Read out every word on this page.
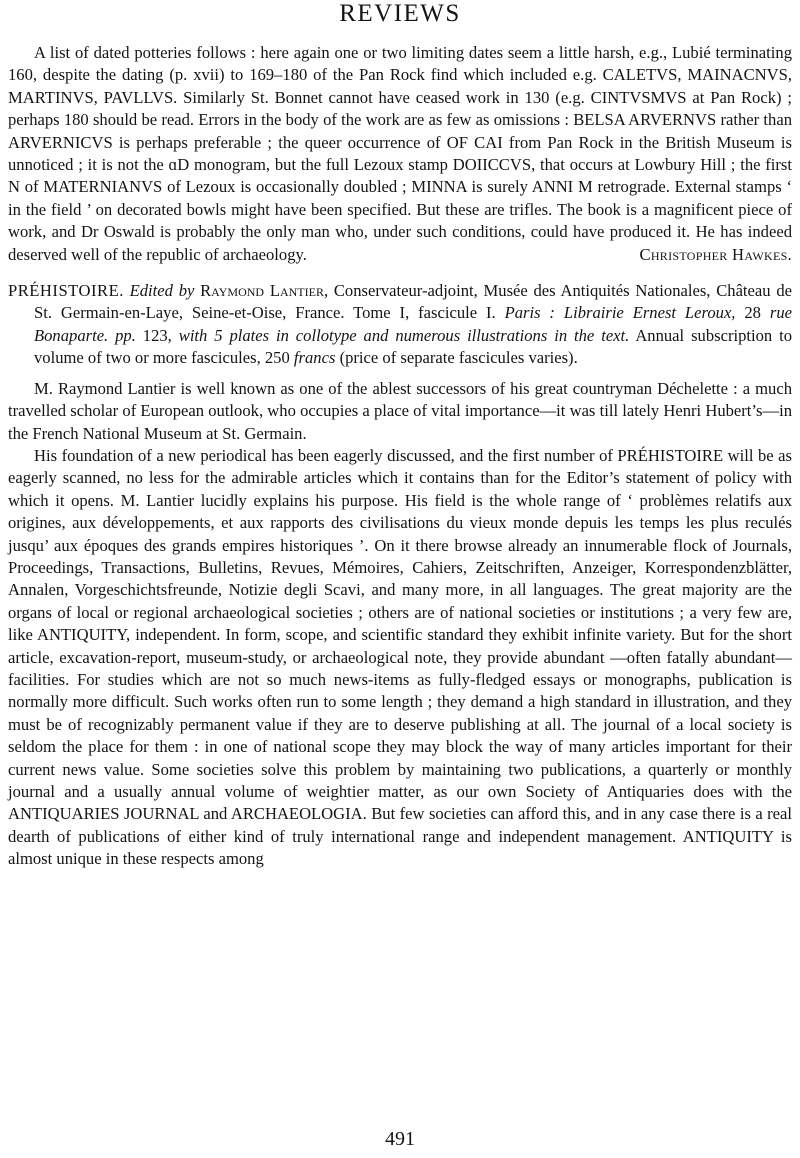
REVIEWS

A list of dated potteries follows : here again one or two limiting dates seem a little harsh, e.g., Lubié terminating 160, despite the dating (p. xvii) to 169–180 of the Pan Rock find which included e.g. CALETVS, MAINACNVS, MARTINVS, PAVLLVS. Similarly St. Bonnet cannot have ceased work in 130 (e.g. CINTVSMVS at Pan Rock) ; perhaps 180 should be read. Errors in the body of the work are as few as omissions : BELSA ARVERNVS rather than ARVERNICVS is perhaps preferable ; the queer occurrence of OF CAI from Pan Rock in the British Museum is unnoticed ; it is not the ɑD monogram, but the full Lezoux stamp DOIICCVS, that occurs at Lowbury Hill ; the first N of MATERNIANVS of Lezoux is occasionally doubled ; MINNA is surely ANNI M retrograde. External stamps ‘ in the field ’ on decorated bowls might have been specified. But these are trifles. The book is a magnificent piece of work, and Dr Oswald is probably the only man who, under such conditions, could have produced it. He has indeed deserved well of the republic of archaeology.	Christopher Hawkes.
PRÉHISTOIRE. Edited by Raymond Lantier, Conservateur-adjoint, Musée des Antiquités Nationales, Château de St. Germain-en-Laye, Seine-et-Oise, France. Tome I, fascicule I. Paris : Librairie Ernest Leroux, 28 rue Bonaparte. pp. 123, with 5 plates in collotype and numerous illustrations in the text. Annual subscription to volume of two or more fascicules, 250 francs (price of separate fascicules varies).

M. Raymond Lantier is well known as one of the ablest successors of his great countryman Déchelette : a much travelled scholar of European outlook, who occupies a place of vital importance—it was till lately Henri Hubert’s—in the French National Museum at St. Germain.

His foundation of a new periodical has been eagerly discussed, and the first number of PRÉHISTOIRE will be as eagerly scanned, no less for the admirable articles which it contains than for the Editor’s statement of policy with which it opens. M. Lantier lucidly explains his purpose. His field is the whole range of ‘ problèmes relatifs aux origines, aux développements, et aux rapports des civilisations du vieux monde depuis les temps les plus reculés jusqu’ aux époques des grands empires historiques ’. On it there browse already an innumerable flock of Journals, Proceedings, Transactions, Bulletins, Revues, Mémoires, Cahiers, Zeitschriften, Anzeiger, Korrespondenzblätter, Annalen, Vorgeschichtsfreunde, Notizie degli Scavi, and many more, in all languages. The great majority are the organs of local or regional archaeological societies ; others are of national societies or institutions ; a very few are, like ANTIQUITY, independent. In form, scope, and scientific standard they exhibit infinite variety. But for the short article, excavation-report, museum-study, or archaeological note, they provide abundant —often fatally abundant—facilities. For studies which are not so much news-items as fully-fledged essays or monographs, publication is normally more difficult. Such works often run to some length ; they demand a high standard in illustration, and they must be of recognizably permanent value if they are to deserve publishing at all. The journal of a local society is seldom the place for them : in one of national scope they may block the way of many articles important for their current news value. Some societies solve this problem by maintaining two publications, a quarterly or monthly journal and a usually annual volume of weightier matter, as our own Society of Antiquaries does with the ANTIQUARIES JOURNAL and ARCHAEOLOGIA. But few societies can afford this, and in any case there is a real dearth of publications of either kind of truly international range and independent management. ANTIQUITY is almost unique in these respects among

491
